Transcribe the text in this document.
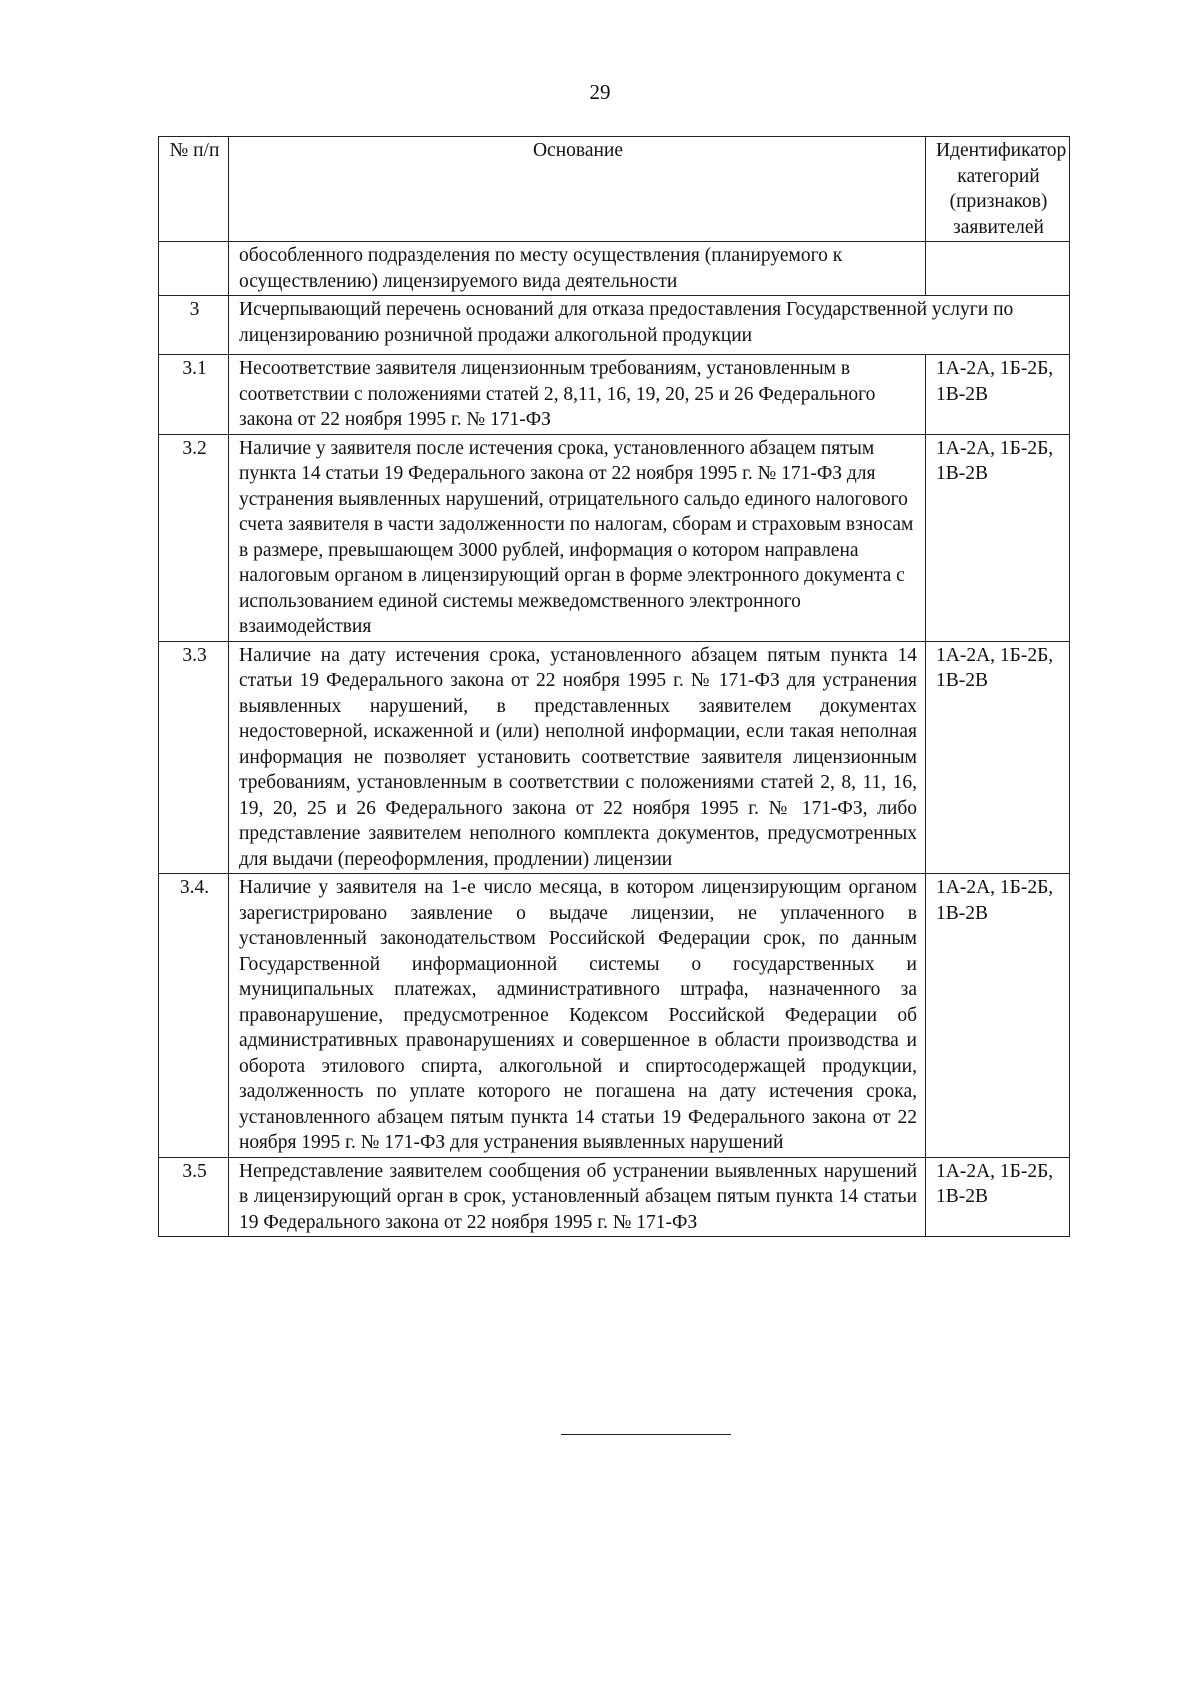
29
№ п/п	Основание	Идентификатор категорий (признаков) заявителей
	обособленного подразделения по месту осуществления (планируемого к осуществлению) лицензируемого вида деятельности	
3	Исчерпывающий перечень оснований для отказа предоставления Государственной услуги по лицензированию розничной продажи алкогольной продукции	
3.1	Несоответствие заявителя лицензионным требованиям, установленным в соответствии с положениями статей 2, 8,11, 16, 19, 20, 25 и 26 Федерального закона от 22 ноября 1995 г. № 171-ФЗ	1А-2А, 1Б-2Б, 1В-2В
3.2	Наличие у заявителя после истечения срока, установленного абзацем пятым пункта 14 статьи 19 Федерального закона от 22 ноября 1995 г. № 171-ФЗ для устранения выявленных нарушений, отрицательного сальдо единого налогового счета заявителя в части задолженности по налогам, сборам и страховым взносам в размере, превышающем 3000 рублей, информация о котором направлена налоговым органом в лицензирующий орган в форме электронного документа с использованием единой системы межведомственного электронного взаимодействия	1А-2А, 1Б-2Б, 1В-2В
3.3	Наличие на дату истечения срока, установленного абзацем пятым пункта 14 статьи 19 Федерального закона от 22 ноября 1995 г. № 171-ФЗ для устранения выявленных нарушений, в представленных заявителем документах недостоверной, искаженной и (или) неполной информации, если такая неполная информация не позволяет установить соответствие заявителя лицензионным требованиям, установленным в соответствии с положениями статей 2, 8, 11, 16, 19, 20, 25 и 26 Федерального закона от 22 ноября 1995 г. № 171-ФЗ, либо представление заявителем неполного комплекта документов, предусмотренных для выдачи (переоформления, продлении) лицензии	1А-2А, 1Б-2Б, 1В-2В
3.4.	Наличие у заявителя на 1-е число месяца, в котором лицензирующим органом зарегистрировано заявление о выдаче лицензии, не уплаченного в установленный законодательством Российской Федерации срок, по данным Государственной информационной системы о государственных и муниципальных платежах, административного штрафа, назначенного за правонарушение, предусмотренное Кодексом Российской Федерации об административных правонарушениях и совершенное в области производства и оборота этилового спирта, алкогольной и спиртосодержащей продукции, задолженность по уплате которого не погашена на дату истечения срока, установленного абзацем пятым пункта 14 статьи 19 Федерального закона от 22 ноября 1995 г. № 171-ФЗ для устранения выявленных нарушений	1А-2А, 1Б-2Б, 1В-2В
3.5	Непредставление заявителем сообщения об устранении выявленных нарушений в лицензирующий орган в срок, установленный абзацем пятым пункта 14 статьи 19 Федерального закона от 22 ноября 1995 г. № 171-ФЗ	1А-2А, 1Б-2Б, 1В-2В
